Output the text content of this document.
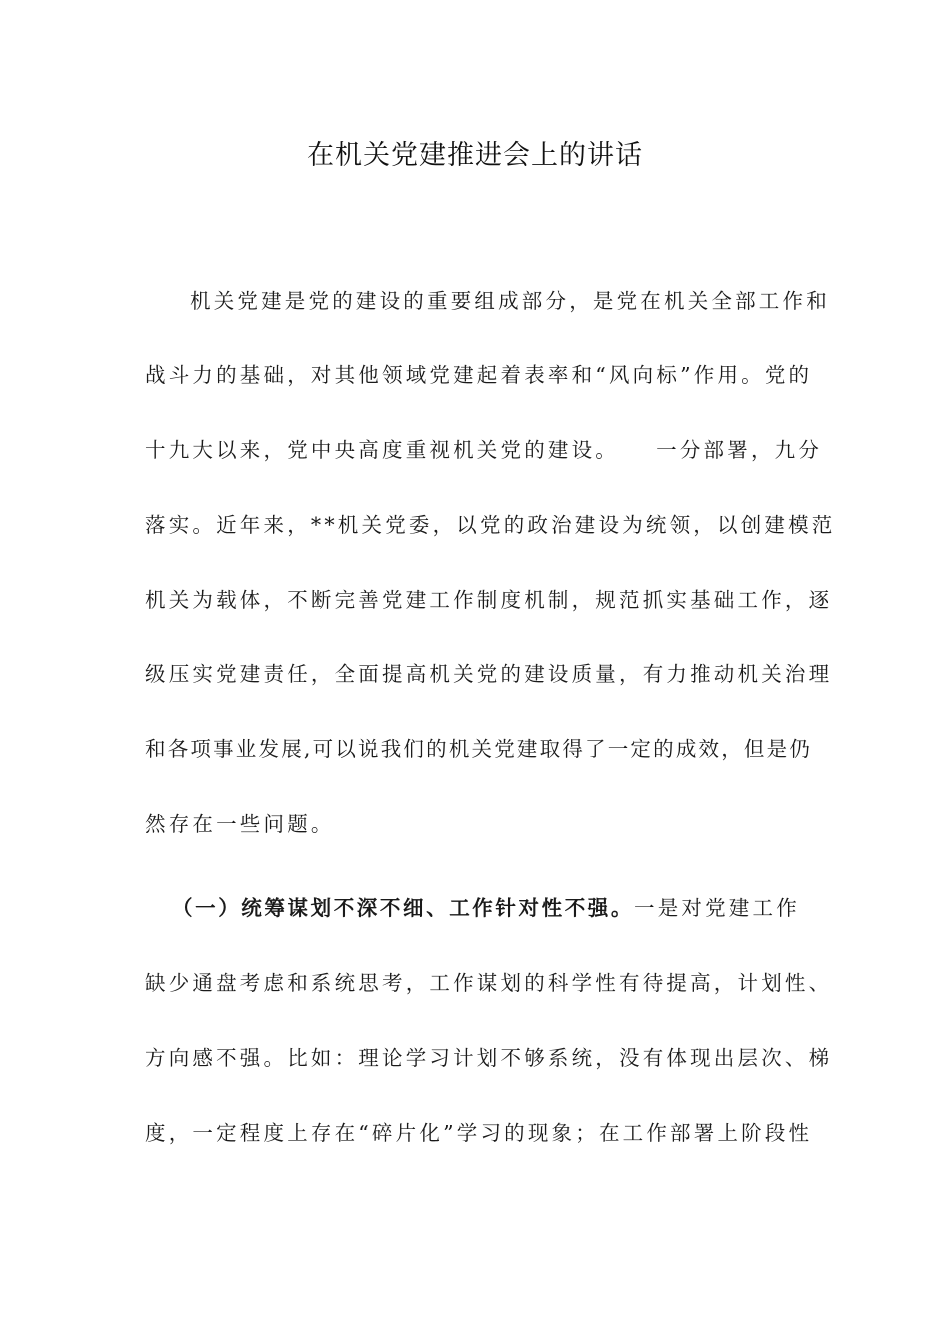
在机关党建推进会上的讲话
机关党建是党的建设的重要组成部分，是党在机关全部工作和
战斗力的基础，对其他领域党建起着表率和“风向标”作用。党的
十九大以来，党中央高度重视机关党的建设。　　一分部署，九分
落实。近年来，**机关党委，以党的政治建设为统领，以创建模范
机关为载体，不断完善党建工作制度机制，规范抓实基础工作，逐
级压实党建责任，全面提高机关党的建设质量，有力推动机关治理
和各项事业发展,可以说我们的机关党建取得了一定的成效，但是仍
然存在一些问题。
（一）统筹谋划不深不细、工作针对性不强。一是对党建工作
缺少通盘考虑和系统思考，工作谋划的科学性有待提高，计划性、
方向感不强。比如：理论学习计划不够系统，没有体现出层次、梯
度，一定程度上存在“碎片化”学习的现象；在工作部署上阶段性
